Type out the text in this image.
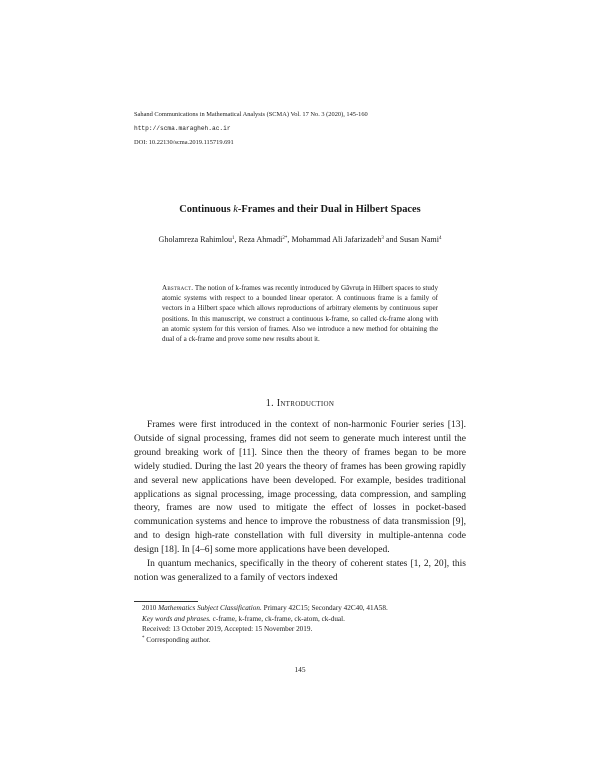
Sahand Communications in Mathematical Analysis (SCMA) Vol. 17 No. 3 (2020), 145-160
http://scma.maragheh.ac.ir
DOI: 10.22130/scma.2019.115719.691
Continuous k-Frames and their Dual in Hilbert Spaces
Gholamreza Rahimlou$^1$, Reza Ahmadi$^{2*}$, Mohammad Ali Jafarizadeh$^3$ and Susan Nami$^4$
Abstract. The notion of k-frames was recently introduced by Găvruţa in Hilbert spaces to study atomic systems with respect to a bounded linear operator. A continuous frame is a family of vectors in a Hilbert space which allows reproductions of arbitrary elements by continuous super positions. In this manuscript, we construct a continuous k-frame, so called ck-frame along with an atomic system for this version of frames. Also we introduce a new method for obtaining the dual of a ck-frame and prove some new results about it.
1. Introduction

Frames were first introduced in the context of non-harmonic Fourier series [13]. Outside of signal processing, frames did not seem to generate much interest until the ground breaking work of [11]. Since then the theory of frames began to be more widely studied. During the last 20 years the theory of frames has been growing rapidly and several new applications have been developed. For example, besides traditional applications as signal processing, image processing, data compression, and sampling theory, frames are now used to mitigate the effect of losses in pocket-based communication systems and hence to improve the robustness of data transmission [9], and to design high-rate constellation with full diversity in multiple-antenna code design [18]. In [4–6] some more applications have been developed.

In quantum mechanics, specifically in the theory of coherent states [1, 2, 20], this notion was generalized to a family of vectors indexed

2010 Mathematics Subject Classification. Primary 42C15; Secondary 42C40, 41A58.

Key words and phrases. c-frame, k-frame, ck-frame, ck-atom, ck-dual.

Received: 13 October 2019, Accepted: 15 November 2019.

* Corresponding author.

145
